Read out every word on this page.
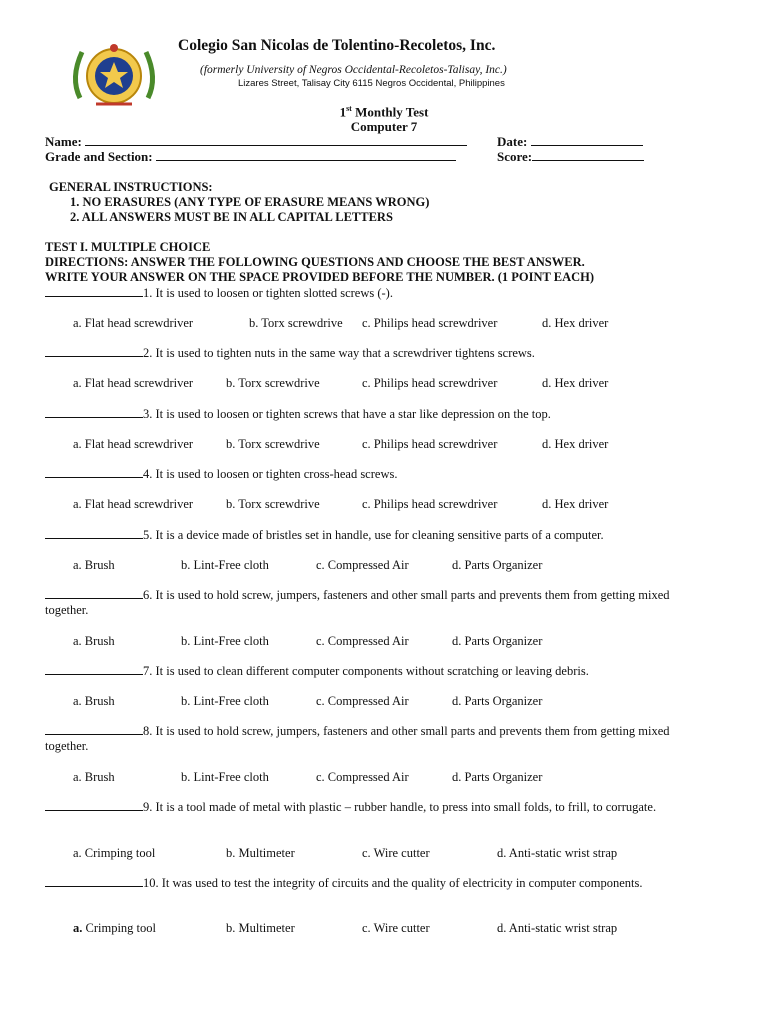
Colegio San Nicolas de Tolentino-Recoletos, Inc.
(formerly University of Negros Occidental-Recoletos-Talisay, Inc.)
Lizares Street, Talisay City 6115 Negros Occidental, Philippines
1st Monthly Test
Computer 7
Name:	Date:
Grade and Section:	Score:
GENERAL INSTRUCTIONS:
1. NO ERASURES (ANY TYPE OF ERASURE MEANS WRONG)
2. ALL ANSWERS MUST BE IN ALL CAPITAL LETTERS
TEST I. MULTIPLE CHOICE
DIRECTIONS: ANSWER THE FOLLOWING QUESTIONS AND CHOOSE THE BEST ANSWER.
WRITE YOUR ANSWER ON THE SPACE PROVIDED BEFORE THE NUMBER. (1 POINT EACH)
1. It is used to loosen or tighten slotted screws (-).
a. Flat head screwdriver	b. Torx screwdrive c. Philips head screwdriver	d. Hex driver
2. It is used to tighten nuts in the same way that a screwdriver tightens screws.
a. Flat head screwdriver	b. Torx screwdrive	c. Philips head screwdriver	d. Hex driver
3. It is used to loosen or tighten screws that have a star like depression on the top.
a. Flat head screwdriver	b. Torx screwdrive	c. Philips head screwdriver	d. Hex driver
4. It is used to loosen or tighten cross-head screws.
a. Flat head screwdriver	b. Torx screwdrive	c. Philips head screwdriver	d. Hex driver
5. It is a device made of bristles set in handle, use for cleaning sensitive parts of a computer.
a. Brush	b. Lint-Free cloth	c. Compressed Air	d. Parts Organizer
6. It is used to hold screw, jumpers, fasteners and other small parts and prevents them from getting mixed together.
a. Brush	b. Lint-Free cloth	c. Compressed Air	d. Parts Organizer
7. It is used to clean different computer components without scratching or leaving debris.
a. Brush	b. Lint-Free cloth	c. Compressed Air	d. Parts Organizer
8. It is used to hold screw, jumpers, fasteners and other small parts and prevents them from getting mixed together.
a. Brush	b. Lint-Free cloth	c. Compressed Air	d. Parts Organizer
9. It is a tool made of metal with plastic – rubber handle, to press into small folds, to frill, to corrugate.
a. Crimping tool	b. Multimeter	c. Wire cutter	d. Anti-static wrist strap
10. It was used to test the integrity of circuits and the quality of electricity in computer components.
a. Crimping tool	b. Multimeter	c. Wire cutter	d. Anti-static wrist strap
